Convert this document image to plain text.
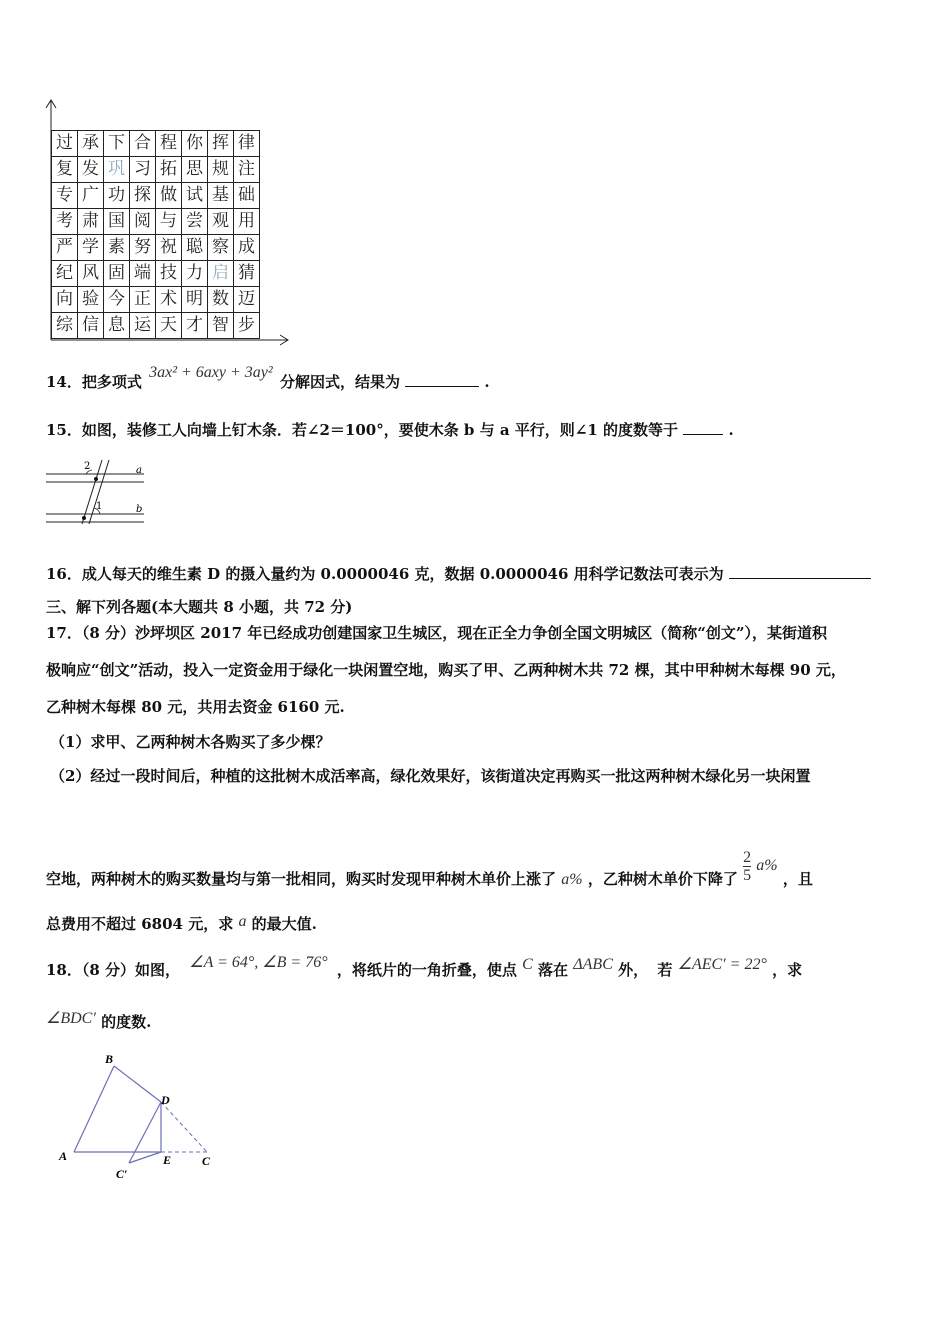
过 承 下 合 程 你 挥 律
复 发 巩 习 拓 思 规 注
专 广 功 探 做 试 基 础
考 肃 国 阅 与 尝 观 用
严 学 素 努 祝 聪 察 成
纪 风 固 端 技 力 启 猜
向 验 今 正 术 明 数 迈
综 信 息 运 天 才 智 步
14．把多项式 3ax² + 6axy + 3ay² 分解因式，结果为	.
15．如图，装修工人向墙上钉木条．若∠2＝100°，要使木条 b 与 a 平行，则∠1 的度数等于	.
2	a
1	b
16．成人每天的维生素 D 的摄入量约为 0.0000046 克，数据 0.0000046 用科学记数法可表示为
三、解下列各题(本大题共 8 小题，共 72 分)
17．（8 分）沙坪坝区 2017 年已经成功创建国家卫生城区，现在正全力争创全国文明城区（简称“创文”），某街道积
极响应“创文”活动，投入一定资金用于绿化一块闲置空地，购买了甲、乙两种树木共 72 棵，其中甲种树木每棵 90 元，
乙种树木每棵 80 元，共用去资金 6160 元.
（1）求甲、乙两种树木各购买了多少棵？
（2）经过一段时间后，种植的这批树木成活率高，绿化效果好，该街道决定再购买一批这两种树木绿化另一块闲置
空地，两种树木的购买数量均与第一批相同，购买时发现甲种树木单价上涨了 a% ，乙种树木单价下降了 $\frac{2}{5} a\%$ ，且
总费用不超过 6804 元，求 a 的最大值.
18．（8 分）如图， ∠A = 64°, ∠B = 76° ，将纸片的一角折叠，使点 C 落在 ΔABC 外， 若 ∠AEC′ = 22° ，求
∠BDC′ 的度数.
B
D
A	E	C
C′
